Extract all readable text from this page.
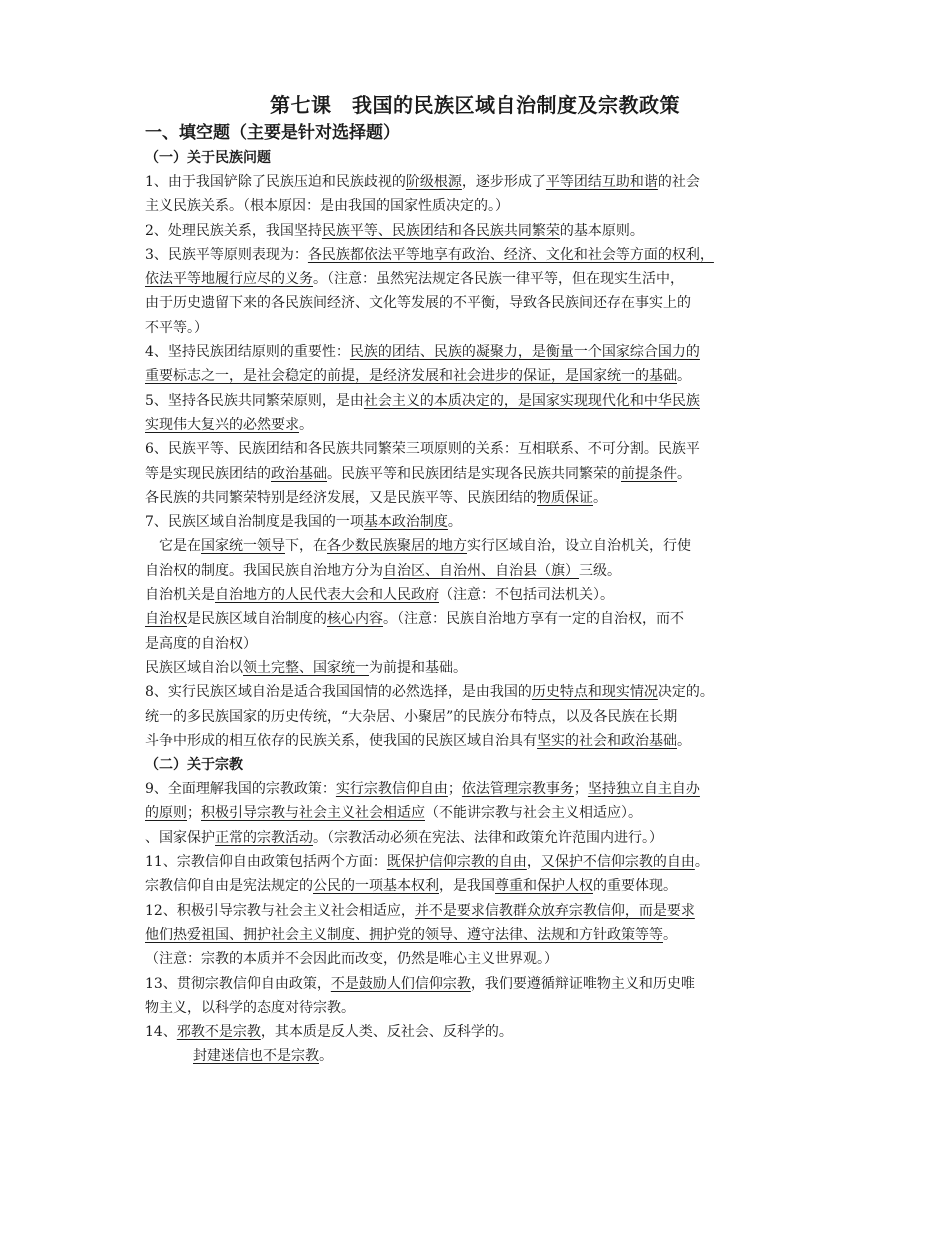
第七课　我国的民族区域自治制度及宗教政策
一、填空题（主要是针对选择题）
（一）关于民族问题
1、由于我国铲除了民族压迫和民族歧视的阶级根源，逐步形成了平等团结互助和谐的社会
主义民族关系。（根本原因：是由我国的国家性质决定的。）
2、处理民族关系，我国坚持民族平等、民族团结和各民族共同繁荣的基本原则。
3、民族平等原则表现为：各民族都依法平等地享有政治、经济、文化和社会等方面的权利，
依法平等地履行应尽的义务。（注意：虽然宪法规定各民族一律平等，但在现实生活中，
由于历史遗留下来的各民族间经济、文化等发展的不平衡，导致各民族间还存在事实上的
不平等。）
4、坚持民族团结原则的重要性：民族的团结、民族的凝聚力，是衡量一个国家综合国力的
重要标志之一，是社会稳定的前提，是经济发展和社会进步的保证，是国家统一的基础。
5、坚持各民族共同繁荣原则，是由社会主义的本质决定的，是国家实现现代化和中华民族
实现伟大复兴的必然要求。
6、民族平等、民族团结和各民族共同繁荣三项原则的关系：互相联系、不可分割。民族平
等是实现民族团结的政治基础。民族平等和民族团结是实现各民族共同繁荣的前提条件。
各民族的共同繁荣特别是经济发展，又是民族平等、民族团结的物质保证。
7、民族区域自治制度是我国的一项基本政治制度。
　它是在国家统一领导下，在各少数民族聚居的地方实行区域自治，设立自治机关，行使
自治权的制度。我国民族自治地方分为自治区、自治州、自治县（旗）三级。
自治机关是自治地方的人民代表大会和人民政府（注意：不包括司法机关）。
自治权是民族区域自治制度的核心内容。（注意：民族自治地方享有一定的自治权，而不
是高度的自治权）
民族区域自治以领土完整、国家统一为前提和基础。
8、实行民族区域自治是适合我国国情的必然选择，是由我国的历史特点和现实情况决定的。
统一的多民族国家的历史传统，“大杂居、小聚居”的民族分布特点，以及各民族在长期
斗争中形成的相互依存的民族关系，使我国的民族区域自治具有坚实的社会和政治基础。
（二）关于宗教
9、全面理解我国的宗教政策：实行宗教信仰自由；依法管理宗教事务；坚持独立自主自办
的原则；积极引导宗教与社会主义社会相适应（不能讲宗教与社会主义相适应）。
、国家保护正常的宗教活动。（宗教活动必须在宪法、法律和政策允许范围内进行。）
11、宗教信仰自由政策包括两个方面：既保护信仰宗教的自由，又保护不信仰宗教的自由。
宗教信仰自由是宪法规定的公民的一项基本权利，是我国尊重和保护人权的重要体现。
12、积极引导宗教与社会主义社会相适应，并不是要求信教群众放弃宗教信仰，而是要求
他们热爱祖国、拥护社会主义制度、拥护党的领导、遵守法律、法规和方针政策等等。
（注意：宗教的本质并不会因此而改变，仍然是唯心主义世界观。）
13、贯彻宗教信仰自由政策，不是鼓励人们信仰宗教，我们要遵循辩证唯物主义和历史唯
物主义，以科学的态度对待宗教。
14、邪教不是宗教，其本质是反人类、反社会、反科学的。
封建迷信也不是宗教。
